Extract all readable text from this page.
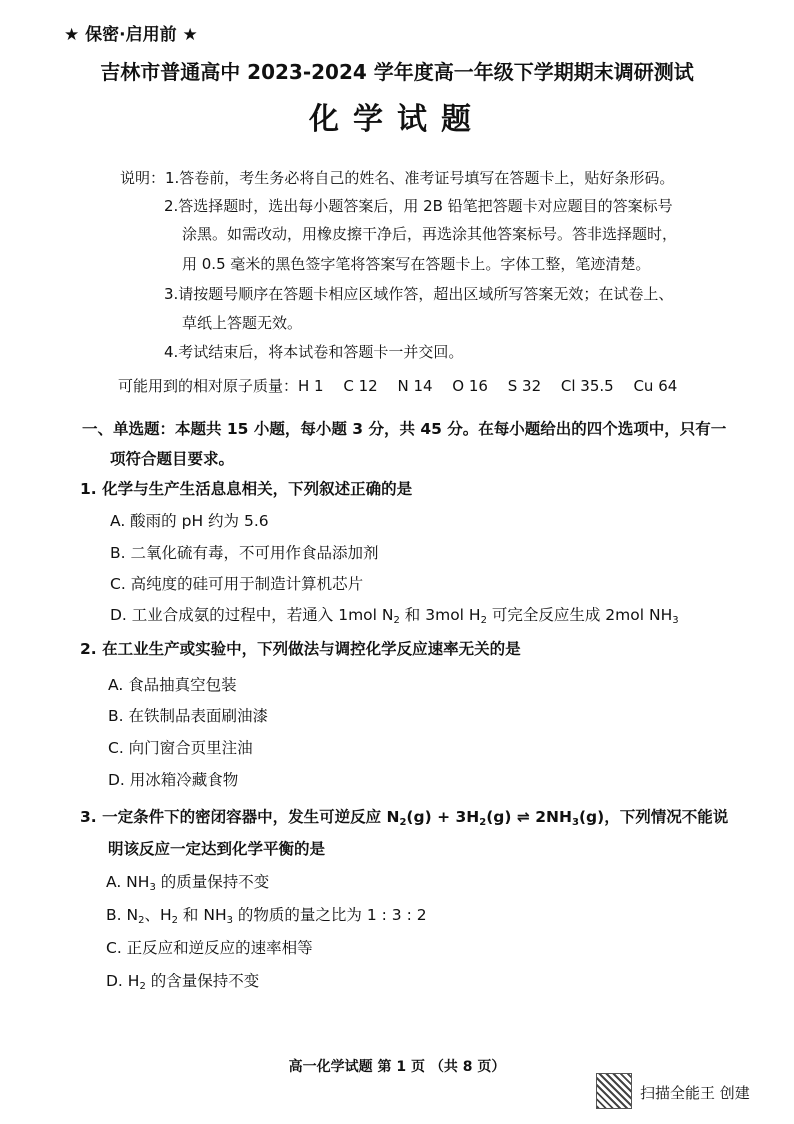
★ 保密·启用前 ★
吉林市普通高中 2023-2024 学年度高一年级下学期期末调研测试
化学试题
说明：1.答卷前，考生务必将自己的姓名、准考证号填写在答题卡上，贴好条形码。
2.答选择题时，选出每小题答案后，用 2B 铅笔把答题卡对应题目的答案标号
涂黑。如需改动，用橡皮擦干净后，再选涂其他答案标号。答非选择题时，
用 0.5 毫米的黑色签字笔将答案写在答题卡上。字体工整，笔迹清楚。
3.请按题号顺序在答题卡相应区域作答，超出区域所写答案无效；在试卷上、
草纸上答题无效。
4.考试结束后，将本试卷和答题卡一并交回。
可能用到的相对原子质量：H 1　 C 12　 N 14　 O 16　 S 32　 Cl 35.5　 Cu 64
一、单选题：本题共 15 小题，每小题 3 分，共 45 分。在每小题给出的四个选项中，只有一
项符合题目要求。
1. 化学与生产生活息息相关，下列叙述正确的是
A. 酸雨的 pH 约为 5.6
B. 二氧化硫有毒，不可用作食品添加剂
C. 高纯度的硅可用于制造计算机芯片
D. 工业合成氨的过程中，若通入 1mol $N_2$ 和 3mol $H_2$ 可完全反应生成 2mol $NH_3$
2. 在工业生产或实验中，下列做法与调控化学反应速率无关的是
A. 食品抽真空包装
B. 在铁制品表面刷油漆
C. 向门窗合页里注油
D. 用冰箱冷藏食物
3. 一定条件下的密闭容器中，发生可逆反应 $N_2(g) + 3H_2(g)$ ⇌ $2NH_3(g)$，下列情况不能说
明该反应一定达到化学平衡的是
A. $NH_3$ 的质量保持不变
B. $N_2$、$H_2$ 和 $NH_3$ 的物质的量之比为 1 : 3 : 2
C. 正反应和逆反应的速率相等
D. $H_2$ 的含量保持不变
高一化学试题 第 1 页 （共 8 页）
扫描全能王 创建
